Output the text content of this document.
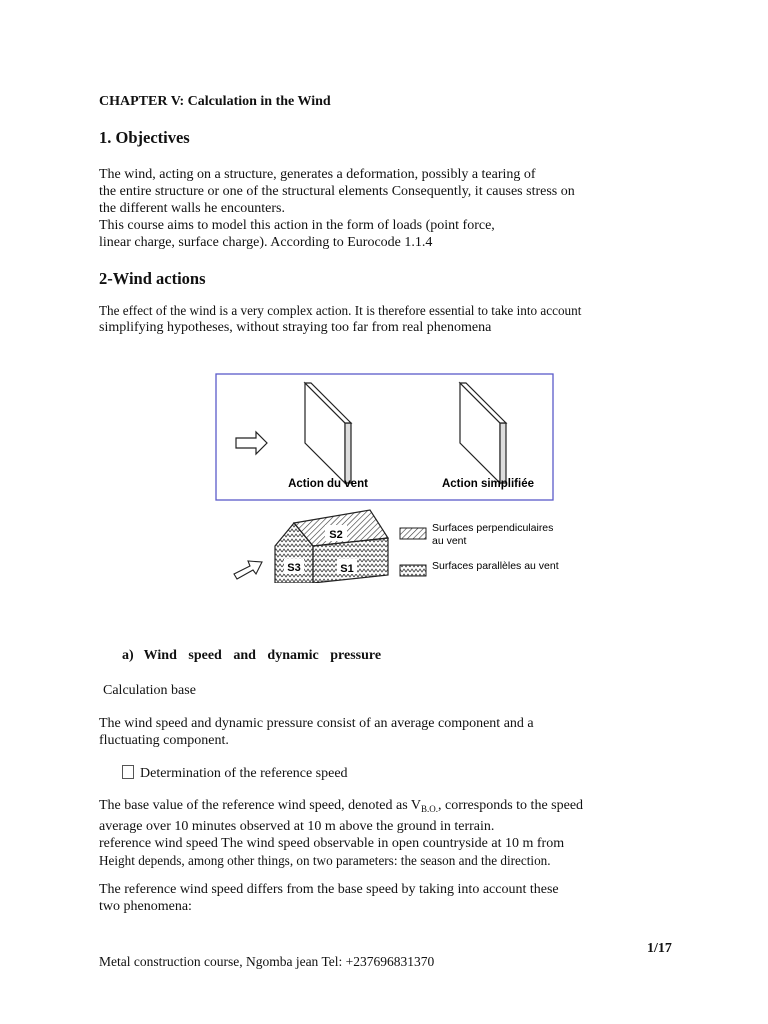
CHAPTER V: Calculation in the Wind
1. Objectives
The wind, acting on a structure, generates a deformation, possibly a tearing of
the entire structure or one of the structural elements Consequently, it causes stress on
the different walls he encounters.
This course aims to model this action in the form of loads (point force,
linear charge, surface charge). According to Eurocode 1.1.4
2-Wind actions
The effect of the wind is a very complex action. It is therefore essential to take into account
simplifying hypotheses, without straying too far from real phenomena
Action du vent	Action simplifiée
S2
S1
S3
Surfaces perpendiculaires
au vent
Surfaces parallèles au vent
a) Wind speed and dynamic pressure
Calculation base
The wind speed and dynamic pressure consist of an average component and a
fluctuating component.
Determination of the reference speed
The base value of the reference wind speed, denoted as $V_{B.O.}$, corresponds to the speed
average over 10 minutes observed at 10 m above the ground in terrain.
reference wind speed The wind speed observable in open countryside at 10 m from
Height depends, among other things, on two parameters: the season and the direction.
The reference wind speed differs from the base speed by taking into account these
two phenomena:
1/17
Metal construction course, Ngomba jean Tel: +237696831370
